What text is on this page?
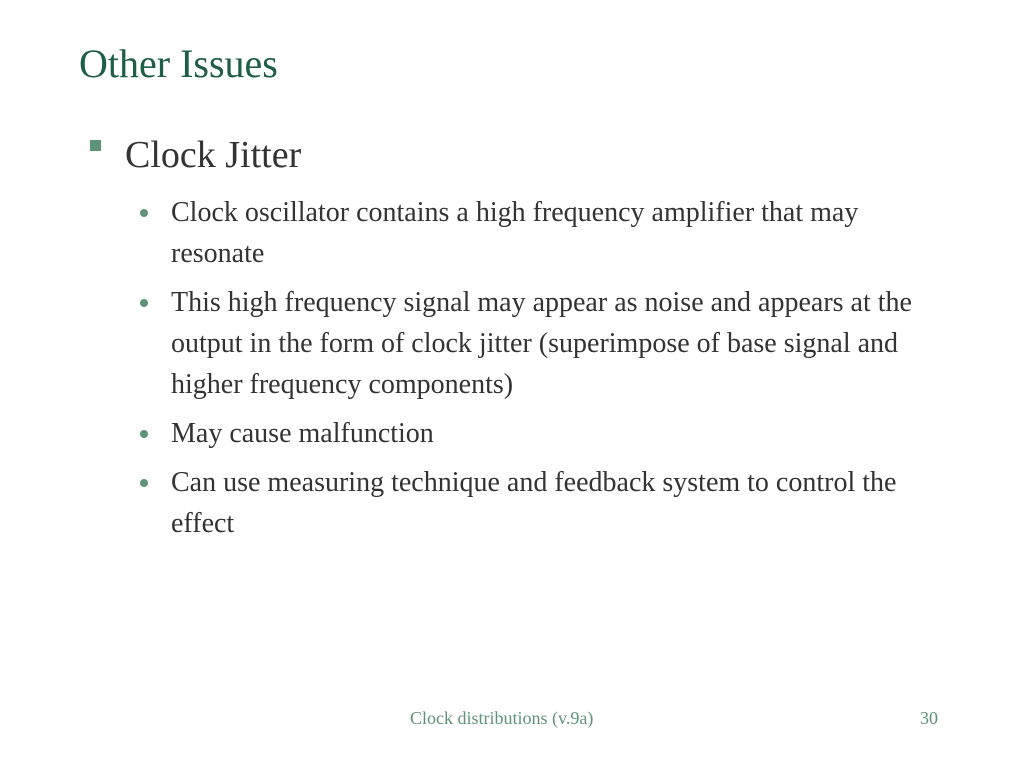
Other Issues
Clock Jitter
Clock oscillator contains a high frequency amplifier that may resonate
This high frequency signal may appear as noise and appears at the output in the form of clock jitter (superimpose of base signal and higher frequency components)
May cause malfunction
Can use measuring technique and feedback system to control the effect
Clock distributions (v.9a)	30
